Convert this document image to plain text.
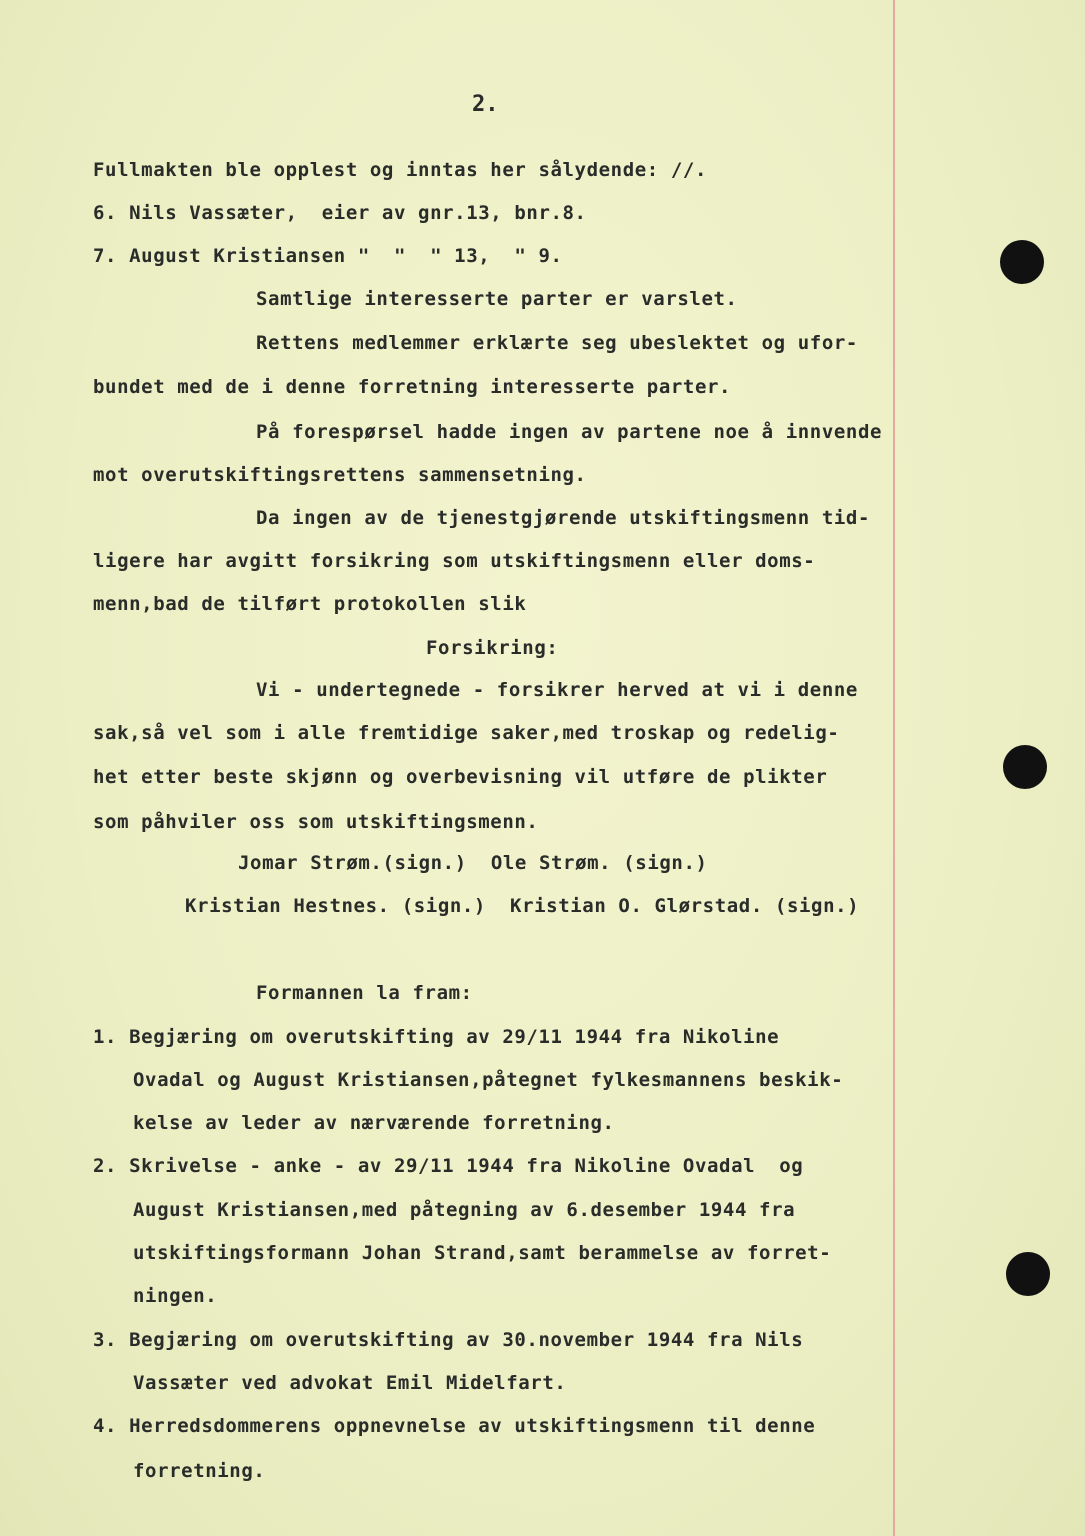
2.
Fullmakten ble opplest og inntas her sålydende: //.
6. Nils Vassæter,  eier av gnr.13, bnr.8.
7. August Kristiansen "  "  " 13,  " 9.
Samtlige interesserte parter er varslet.
Rettens medlemmer erklærte seg ubeslektet og ufor-
bundet med de i denne forretning interesserte parter.
På forespørsel hadde ingen av partene noe å innvende
mot overutskiftingsrettens sammensetning.
Da ingen av de tjenestgjørende utskiftingsmenn tid-
ligere har avgitt forsikring som utskiftingsmenn eller doms-
menn,bad de tilført protokollen slik
Forsikring:
Vi - undertegnede - forsikrer herved at vi i denne
sak,så vel som i alle fremtidige saker,med troskap og redelig-
het etter beste skjønn og overbevisning vil utføre de plikter
som påhviler oss som utskiftingsmenn.
Jomar Strøm.(sign.)  Ole Strøm. (sign.)
Kristian Hestnes. (sign.)  Kristian O. Glørstad. (sign.)
Formannen la fram:
1. Begjæring om overutskifting av 29/11 1944 fra Nikoline
Ovadal og August Kristiansen,påtegnet fylkesmannens beskik-
kelse av leder av nærværende forretning.
2. Skrivelse - anke - av 29/11 1944 fra Nikoline Ovadal  og
August Kristiansen,med påtegning av 6.desember 1944 fra
utskiftingsformann Johan Strand,samt berammelse av forret-
ningen.
3. Begjæring om overutskifting av 30.november 1944 fra Nils
Vassæter ved advokat Emil Midelfart.
4. Herredsdommerens oppnevnelse av utskiftingsmenn til denne
forretning.
